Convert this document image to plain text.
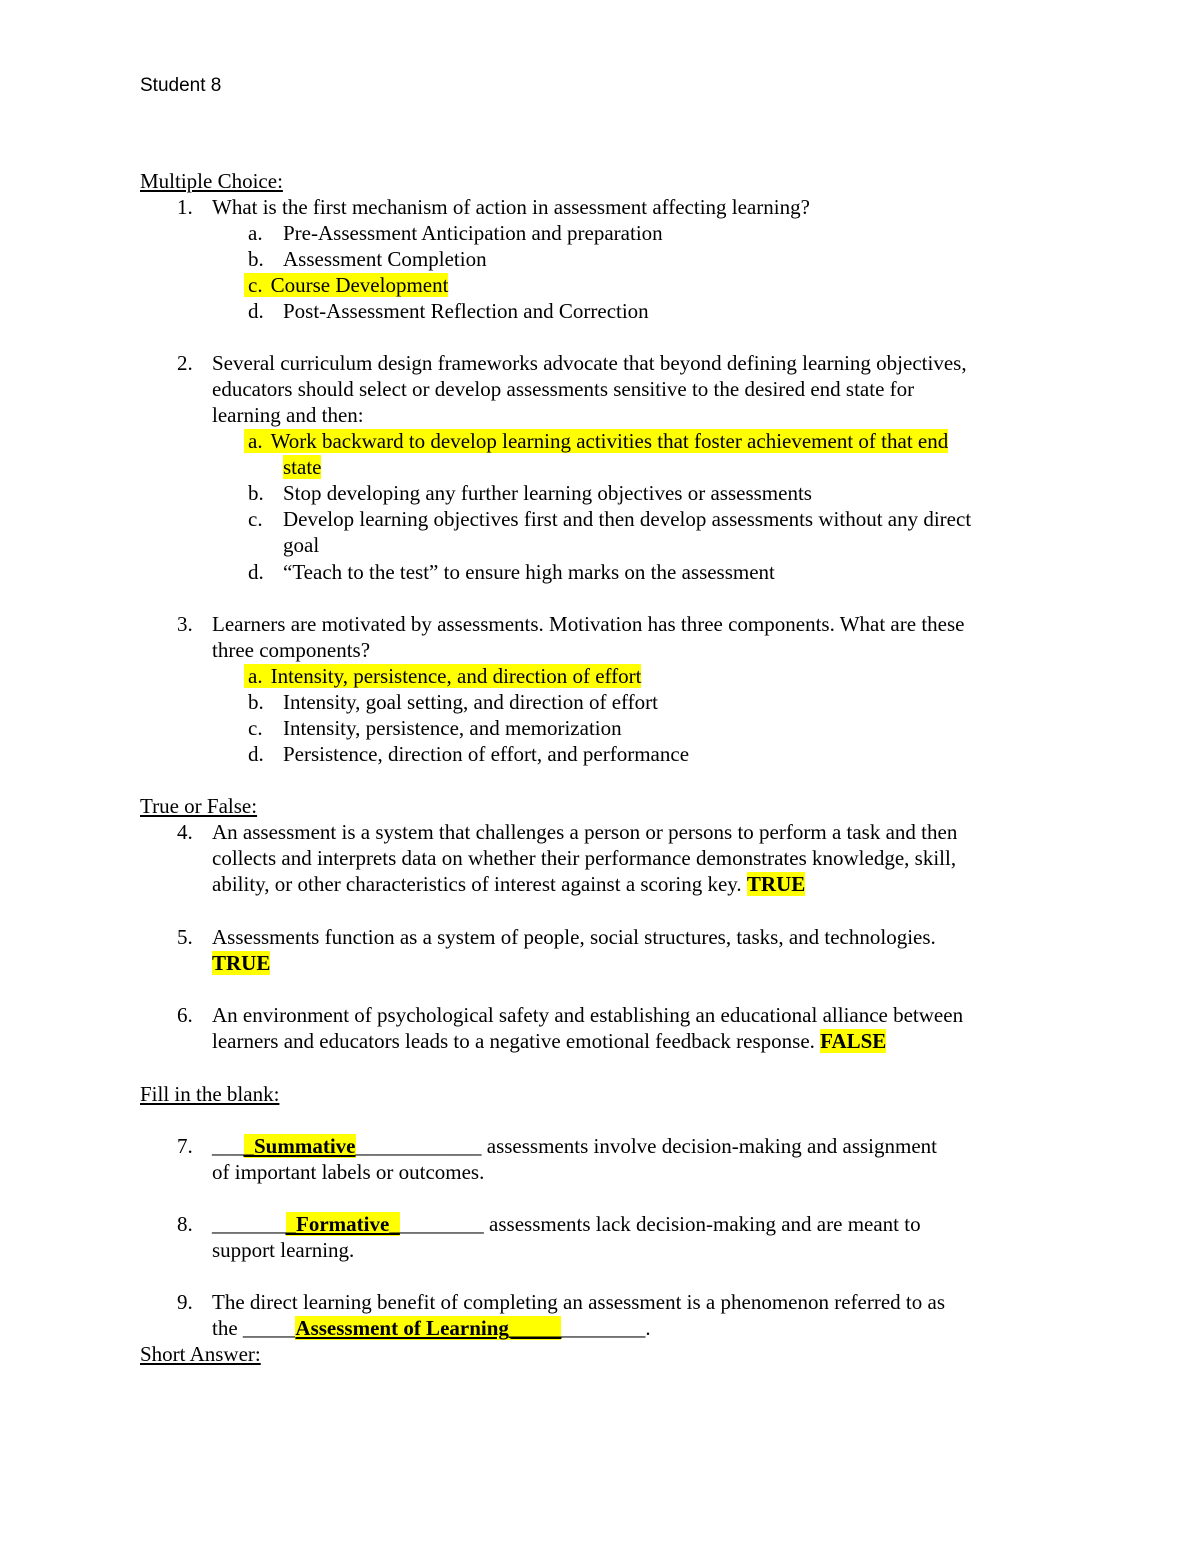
Student 8

Multiple Choice:

1. What is the first mechanism of action in assessment affecting learning?

a. Pre-Assessment Anticipation and preparation

b. Assessment Completion

c. Course Development

d. Post-Assessment Reflection and Correction

2. Several curriculum design frameworks advocate that beyond defining learning objectives,

educators should select or develop assessments sensitive to the desired end state for

learning and then:

a. Work backward to develop learning activities that foster achievement of that end

state

b. Stop developing any further learning objectives or assessments

c. Develop learning objectives first and then develop assessments without any direct

goal

d. “Teach to the test” to ensure high marks on the assessment

3. Learners are motivated by assessments. Motivation has three components. What are these

three components?

a. Intensity, persistence, and direction of effort

b. Intensity, goal setting, and direction of effort

c. Intensity, persistence, and memorization

d. Persistence, direction of effort, and performance

True or False:

4. An assessment is a system that challenges a person or persons to perform a task and then

collects and interprets data on whether their performance demonstrates knowledge, skill,

ability, or other characteristics of interest against a scoring key. TRUE

5. Assessments function as a system of people, social structures, tasks, and technologies.

TRUE

6. An environment of psychological safety and establishing an educational alliance between

learners and educators leads to a negative emotional feedback response. FALSE

Fill in the blank:

7. ____Summative____________ assessments involve decision-making and assignment

of important labels or outcomes.

8. ________Formative_________ assessments lack decision-making and are meant to

support learning.

9. The direct learning benefit of completing an assessment is a phenomenon referred to as

the _____Assessment of Learning_____________.

Short Answer:
